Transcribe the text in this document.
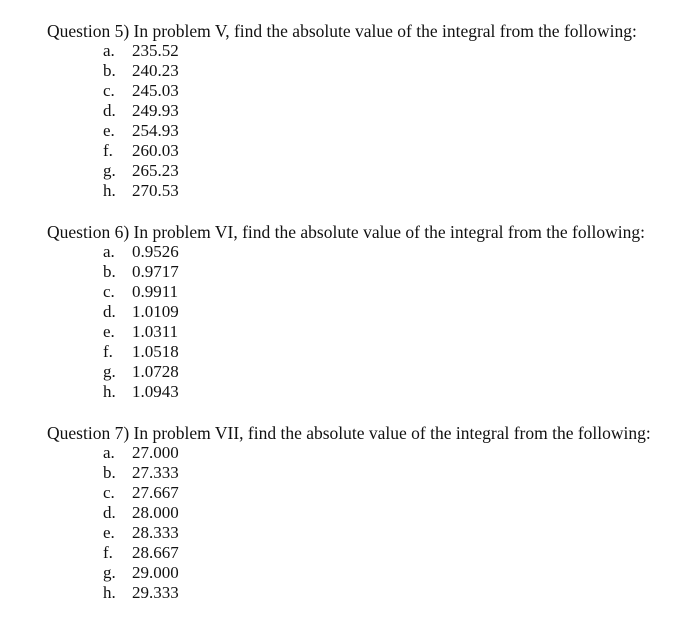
Question 5) In problem V, find the absolute value of the integral from the following:
a.	235.52
b. 240.23
c.	245.03
d. 249.93
e.	254.93
f.	260.03
g. 265.23
h. 270.53
Question 6) In problem VI, find the absolute value of the integral from the following:
a.	0.9526
b. 0.9717
c.	0.9911
d. 1.0109
e.	1.0311
f.	1.0518
g. 1.0728
h. 1.0943
Question 7) In problem VII, find the absolute value of the integral from the following:
a.	27.000
b. 27.333
c.	27.667
d. 28.000
e.	28.333
f.	28.667
g. 29.000
h. 29.333
